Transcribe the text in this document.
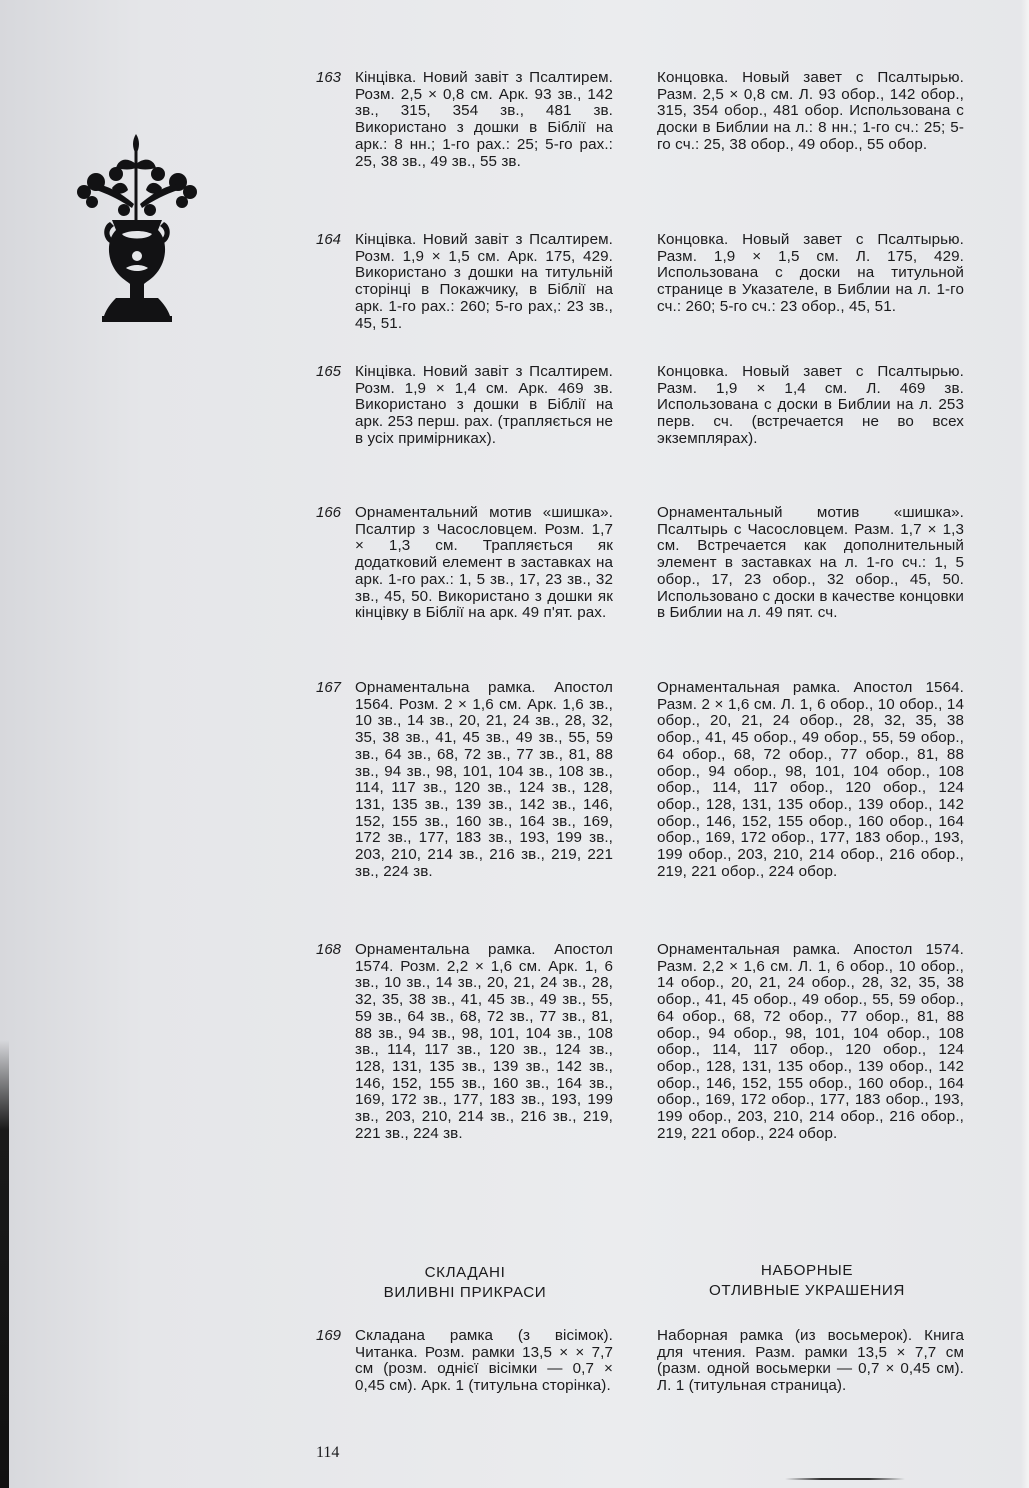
163 Кінцівка. Новий завіт з Псалтирем. Розм. 2,5 × 0,8 см. Арк. 93 зв., 142 зв., 315, 354 зв., 481 зв. Використано з дошки в Біблії на арк.: 8 нн.; 1-го рах.: 25; 5-го рах.: 25, 38 зв., 49 зв., 55 зв.
Концовка. Новый завет с Псалтырью. Разм. 2,5 × 0,8 см. Л. 93 обор., 142 обор., 315, 354 обор., 481 обор. Использована с доски в Библии на л.: 8 нн.; 1-го сч.: 25; 5-го сч.: 25, 38 обор., 49 обор., 55 обор.
164 Кінцівка. Новий завіт з Псалтирем. Розм. 1,9 × 1,5 см. Арк. 175, 429. Використано з дошки на титульній сторінці в Покажчику, в Біблії на арк. 1-го рах.: 260; 5-го рах,: 23 зв., 45, 51.
Концовка. Новый завет с Псалтырью. Разм. 1,9 × 1,5 см. Л. 175, 429. Использована с доски на титульной странице в Указателе, в Библии на л. 1-го сч.: 260; 5-го сч.: 23 обор., 45, 51.
165 Кінцівка. Новий завіт з Псалтирем. Розм. 1,9 × 1,4 см. Арк. 469 зв. Використано з дошки в Біблії на арк. 253 перш. рах. (трапляється не в усіх примірниках).
Концовка. Новый завет с Псалтырью. Разм. 1,9 × 1,4 см. Л. 469 зв. Использована с доски в Библии на л. 253 перв. сч. (встречается не во всех экземплярах).
166 Орнаментальний мотив «шишка». Псалтир з Часословцем. Розм. 1,7 × 1,3 см. Трапляється як додатковий елемент в заставках на арк. 1-го рах.: 1, 5 зв., 17, 23 зв., 32 зв., 45, 50. Використано з дошки як кінцівку в Біблії на арк. 49 п'ят. рах.
Орнаментальный мотив «шишка». Псалтырь с Часословцем. Разм. 1,7 × 1,3 см. Встречается как дополнительный элемент в заставках на л. 1-го сч.: 1, 5 обор., 17, 23 обор., 32 обор., 45, 50. Использовано с доски в качестве концовки в Библии на л. 49 пят. сч.
167 Орнаментальна рамка. Апостол 1564. Розм. 2 × 1,6 см. Арк. 1,6 зв., 10 зв., 14 зв., 20, 21, 24 зв., 28, 32, 35, 38 зв., 41, 45 зв., 49 зв., 55, 59 зв., 64 зв., 68, 72 зв., 77 зв., 81, 88 зв., 94 зв., 98, 101, 104 зв., 108 зв., 114, 117 зв., 120 зв., 124 зв., 128, 131, 135 зв., 139 зв., 142 зв., 146, 152, 155 зв., 160 зв., 164 зв., 169, 172 зв., 177, 183 зв., 193, 199 зв., 203, 210, 214 зв., 216 зв., 219, 221 зв., 224 зв.
Орнаментальная рамка. Апостол 1564. Разм. 2 × 1,6 см. Л. 1, 6 обор., 10 обор., 14 обор., 20, 21, 24 обор., 28, 32, 35, 38 обор., 41, 45 обор., 49 обор., 55, 59 обор., 64 обор., 68, 72 обор., 77 обор., 81, 88 обор., 94 обор., 98, 101, 104 обор., 108 обор., 114, 117 обор., 120 обор., 124 обор., 128, 131, 135 обор., 139 обор., 142 обор., 146, 152, 155 обор., 160 обор., 164 обор., 169, 172 обор., 177, 183 обор., 193, 199 обор., 203, 210, 214 обор., 216 обор., 219, 221 обор., 224 обор.
168 Орнаментальна рамка. Апостол 1574. Розм. 2,2 × 1,6 см. Арк. 1, 6 зв., 10 зв., 14 зв., 20, 21, 24 зв., 28, 32, 35, 38 зв., 41, 45 зв., 49 зв., 55, 59 зв., 64 зв., 68, 72 зв., 77 зв., 81, 88 зв., 94 зв., 98, 101, 104 зв., 108 зв., 114, 117 зв., 120 зв., 124 зв., 128, 131, 135 зв., 139 зв., 142 зв., 146, 152, 155 зв., 160 зв., 164 зв., 169, 172 зв., 177, 183 зв., 193, 199 зв., 203, 210, 214 зв., 216 зв., 219, 221 зв., 224 зв.
Орнаментальная рамка. Апостол 1574. Разм. 2,2 × 1,6 см. Л. 1, 6 обор., 10 обор., 14 обор., 20, 21, 24 обор., 28, 32, 35, 38 обор., 41, 45 обор., 49 обор., 55, 59 обор., 64 обор., 68, 72 обор., 77 обор., 81, 88 обор., 94 обор., 98, 101, 104 обор., 108 обор., 114, 117 обор., 120 обор., 124 обор., 128, 131, 135 обор., 139 обор., 142 обор., 146, 152, 155 обор., 160 обор., 164 обор., 169, 172 обор., 177, 183 обор., 193, 199 обор., 203, 210, 214 обор., 216 обор., 219, 221 обор., 224 обор.
СКЛАДАНІ
ВИЛИВНІ ПРИКРАСИ
НАБОРНЫЕ
ОТЛИВНЫЕ УКРАШЕНИЯ
169 Складана рамка (з вісімок). Читанка. Розм. рамки 13,5 × × 7,7 см (розм. однієї вісімки — 0,7 × 0,45 см). Арк. 1 (титульна сторінка).
Наборная рамка (из восьмерок). Книга для чтения. Разм. рамки 13,5 × 7,7 см (разм. одной восьмерки — 0,7 × 0,45 см). Л. 1 (титульная страница).
114
